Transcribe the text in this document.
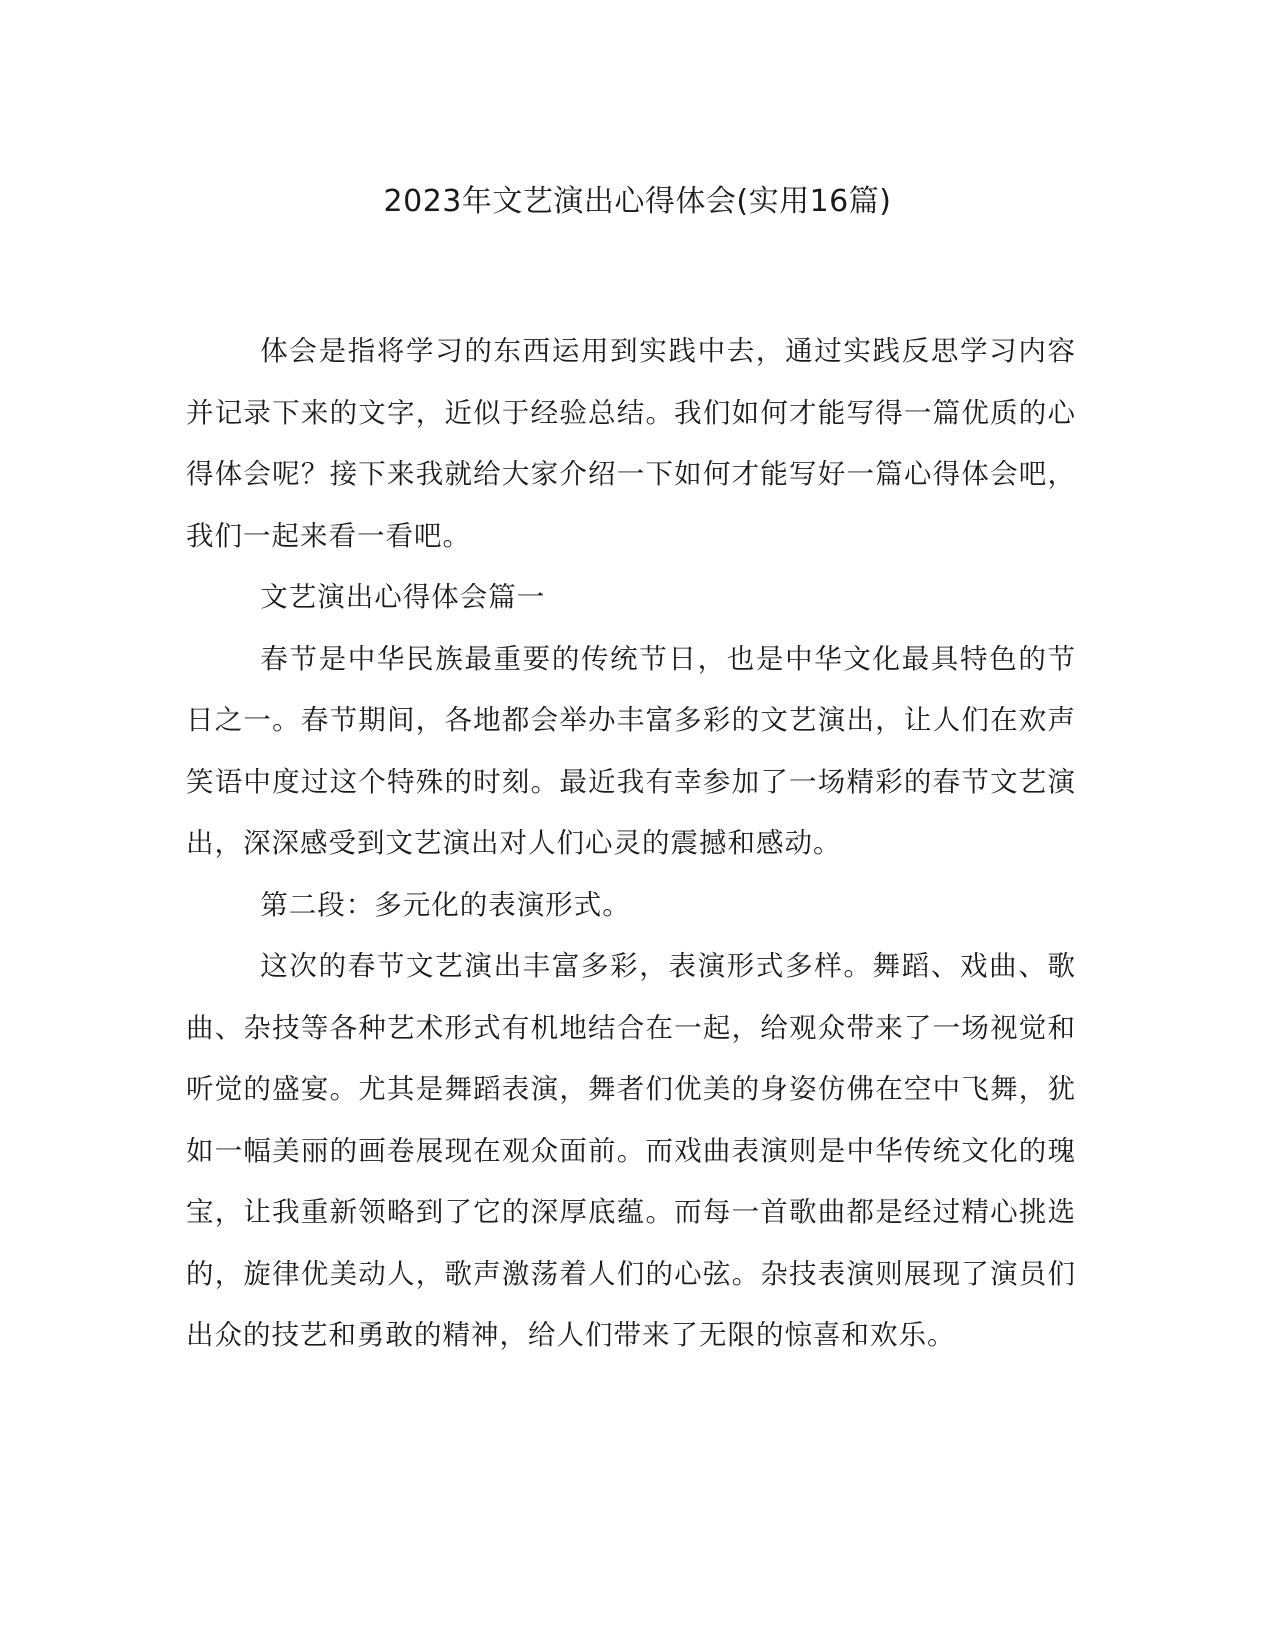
2023年文艺演出心得体会(实用16篇)

体会是指将学习的东西运用到实践中去，通过实践反思学习内容并记录下来的文字，近似于经验总结。我们如何才能写得一篇优质的心得体会呢？接下来我就给大家介绍一下如何才能写好一篇心得体会吧，我们一起来看一看吧。

文艺演出心得体会篇一

春节是中华民族最重要的传统节日，也是中华文化最具特色的节日之一。春节期间，各地都会举办丰富多彩的文艺演出，让人们在欢声笑语中度过这个特殊的时刻。最近我有幸参加了一场精彩的春节文艺演出，深深感受到文艺演出对人们心灵的震撼和感动。

第二段：多元化的表演形式。

这次的春节文艺演出丰富多彩，表演形式多样。舞蹈、戏曲、歌曲、杂技等各种艺术形式有机地结合在一起，给观众带来了一场视觉和听觉的盛宴。尤其是舞蹈表演，舞者们优美的身姿仿佛在空中飞舞，犹如一幅美丽的画卷展现在观众面前。而戏曲表演则是中华传统文化的瑰宝，让我重新领略到了它的深厚底蕴。而每一首歌曲都是经过精心挑选的，旋律优美动人，歌声激荡着人们的心弦。杂技表演则展现了演员们出众的技艺和勇敢的精神，给人们带来了无限的惊喜和欢乐。
